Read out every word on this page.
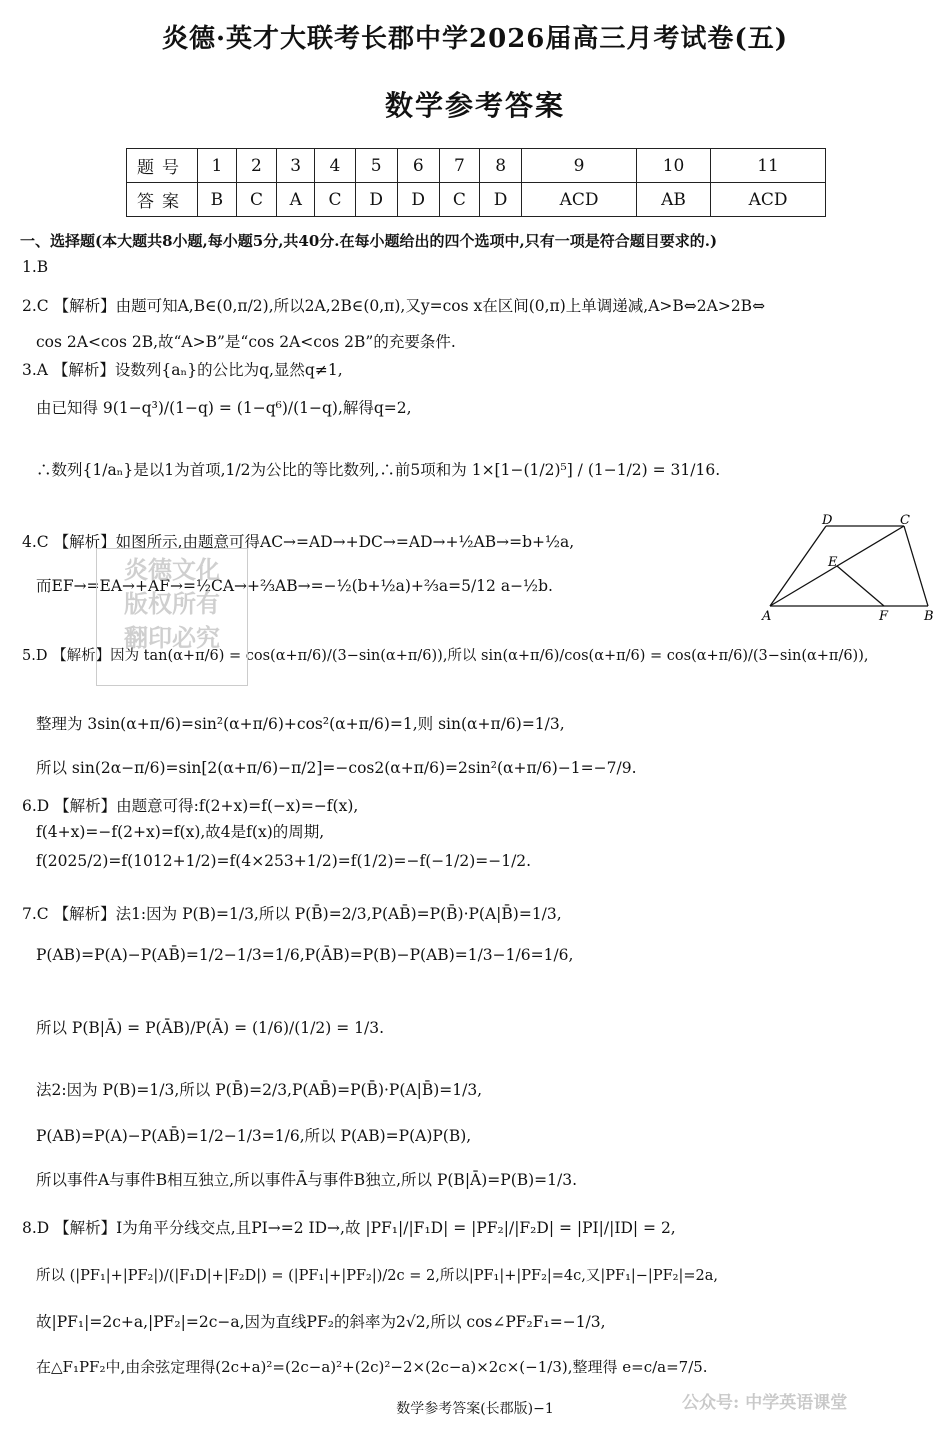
炎德·英才大联考长郡中学2026届高三月考试卷(五)
数学参考答案
题号	1	2	3	4	5	6	7	8	9	10	11
答案	B	C	A	C	D	D	C	D	ACD	AB	ACD
一、选择题(本大题共8小题,每小题5分,共40分.在每小题给出的四个选项中,只有一项是符合题目要求的.)
1.B
2.C 【解析】由题可知A,B∈(0,π/2),所以2A,2B∈(0,π),又y=cos x在区间(0,π)上单调递减,A>B⇔2A>2B⇔
cos 2A<cos 2B,故“A>B”是“cos 2A<cos 2B”的充要条件.
3.A 【解析】设数列{aₙ}的公比为q,显然q≠1,
由已知得 9(1−q³)/(1−q) = (1−q⁶)/(1−q),解得q=2,
∴数列{1/aₙ}是以1为首项,1/2为公比的等比数列,∴前5项和为 1×[1−(1/2)⁵] / (1−1/2) = 31/16.
4.C 【解析】如图所示,由题意可得AC→=AD→+DC→=AD→+½AB→=b+½a,
而EF→=EA→+AF→=½CA→+⅔AB→=−½(b+½a)+⅔a=5/12 a−½b.
5.D 【解析】因为 tan(α+π/6) = cos(α+π/6)/(3−sin(α+π/6)),所以 sin(α+π/6)/cos(α+π/6) = cos(α+π/6)/(3−sin(α+π/6)),
整理为 3sin(α+π/6)=sin²(α+π/6)+cos²(α+π/6)=1,则 sin(α+π/6)=1/3,
所以 sin(2α−π/6)=sin[2(α+π/6)−π/2]=−cos2(α+π/6)=2sin²(α+π/6)−1=−7/9.
6.D 【解析】由题意可得:f(2+x)=f(−x)=−f(x),
f(4+x)=−f(2+x)=f(x),故4是f(x)的周期,
f(2025/2)=f(1012+1/2)=f(4×253+1/2)=f(1/2)=−f(−1/2)=−1/2.
7.C 【解析】法1:因为 P(B)=1/3,所以 P(B̄)=2/3,P(AB̄)=P(B̄)·P(A|B̄)=1/3,
P(AB)=P(A)−P(AB̄)=1/2−1/3=1/6,P(ĀB)=P(B)−P(AB)=1/3−1/6=1/6,
所以 P(B|Ā) = P(ĀB)/P(Ā) = (1/6)/(1/2) = 1/3.
法2:因为 P(B)=1/3,所以 P(B̄)=2/3,P(AB̄)=P(B̄)·P(A|B̄)=1/3,
P(AB)=P(A)−P(AB̄)=1/2−1/3=1/6,所以 P(AB)=P(A)P(B),
所以事件A与事件B相互独立,所以事件Ā与事件B独立,所以 P(B|Ā)=P(B)=1/3.
8.D 【解析】I为角平分线交点,且PI→=2 ID→,故 |PF₁|/|F₁D| = |PF₂|/|F₂D| = |PI|/|ID| = 2,
所以 (|PF₁|+|PF₂|)/(|F₁D|+|F₂D|) = (|PF₁|+|PF₂|)/2c = 2,所以|PF₁|+|PF₂|=4c,又|PF₁|−|PF₂|=2a,
故|PF₁|=2c+a,|PF₂|=2c−a,因为直线PF₂的斜率为2√2,所以 cos∠PF₂F₁=−1/3,
在△F₁PF₂中,由余弦定理得(2c+a)²=(2c−a)²+(2c)²−2×(2c−a)×2c×(−1/3),整理得 e=c/a=7/5.
A	B
C
D
E
F
炎德文化
版权所有
翻印必究
数学参考答案(长郡版)−1	公众号: 中学英语课堂
